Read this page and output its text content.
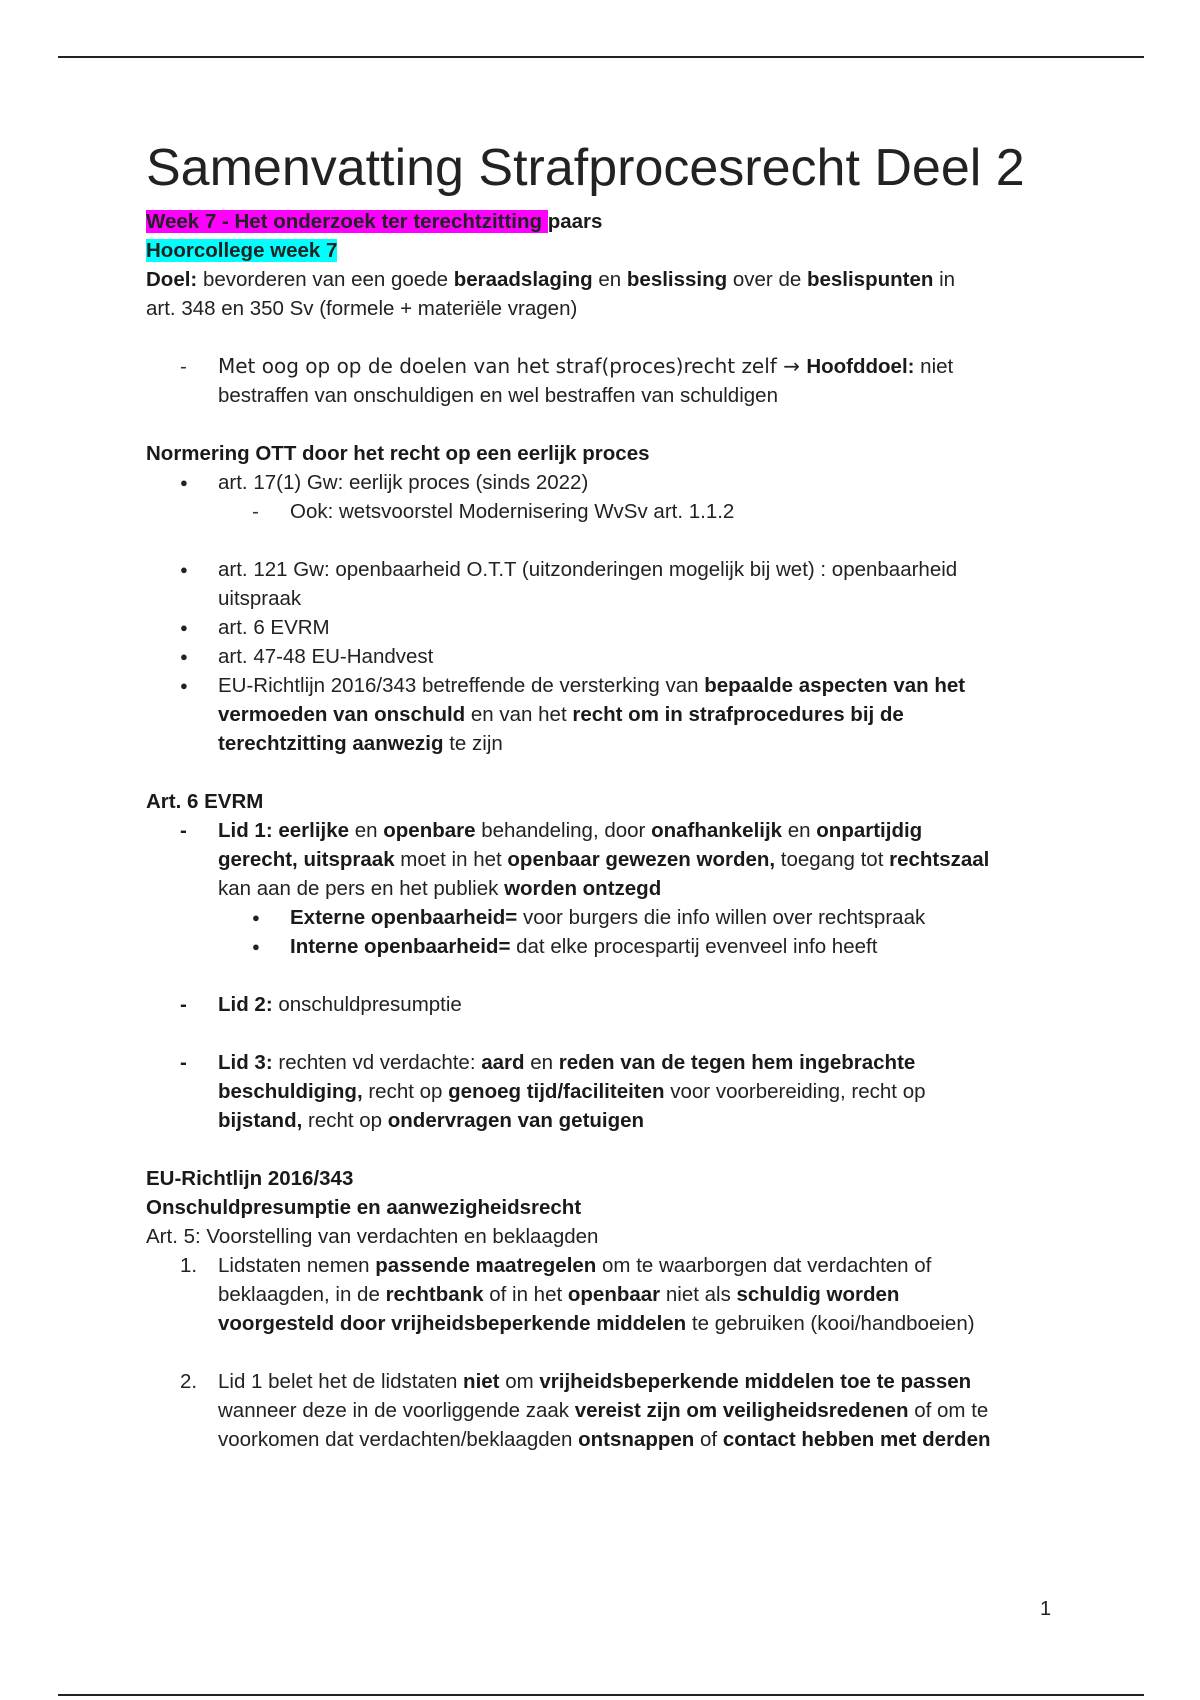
Samenvatting Strafprocesrecht Deel 2
Week 7 - Het onderzoek ter terechtzitting paars
Hoorcollege week 7
Doel: bevorderen van een goede beraadslaging en beslissing over de beslispunten in
art. 348 en 350 Sv (formele + materiële vragen)
-	Met oog op op de doelen van het straf(proces)recht zelf → Hoofddoel: niet
bestraffen van onschuldigen en wel bestraffen van schuldigen
Normering OTT door het recht op een eerlijk proces
●
art. 17(1) Gw: eerlijk proces (sinds 2022)
-	Ook: wetsvoorstel Modernisering WvSv art. 1.1.2
●
art. 121 Gw: openbaarheid O.T.T (uitzonderingen mogelijk bij wet) : openbaarheid
uitspraak
●
art. 6 EVRM
●
art. 47-48 EU-Handvest
●
EU-Richtlijn 2016/343 betreffende de versterking van bepaalde aspecten van het
vermoeden van onschuld en van het recht om in strafprocedures bij de
terechtzitting aanwezig te zijn
Art. 6 EVRM
-	Lid 1: eerlijke en openbare behandeling, door onafhankelijk en onpartijdig
gerecht, uitspraak moet in het openbaar gewezen worden, toegang tot rechtszaal
kan aan de pers en het publiek worden ontzegd
●
Externe openbaarheid= voor burgers die info willen over rechtspraak
●
Interne openbaarheid= dat elke procespartij evenveel info heeft
-	Lid 2: onschuldpresumptie
-	Lid 3: rechten vd verdachte: aard en reden van de tegen hem ingebrachte
beschuldiging, recht op genoeg tijd/faciliteiten voor voorbereiding, recht op
bijstand, recht op ondervragen van getuigen
EU-Richtlijn 2016/343
Onschuldpresumptie en aanwezigheidsrecht
Art. 5: Voorstelling van verdachten en beklaagden
1.	Lidstaten nemen passende maatregelen om te waarborgen dat verdachten of
beklaagden, in de rechtbank of in het openbaar niet als schuldig worden
voorgesteld door vrijheidsbeperkende middelen te gebruiken (kooi/handboeien)
2.	Lid 1 belet het de lidstaten niet om vrijheidsbeperkende middelen toe te passen
wanneer deze in de voorliggende zaak vereist zijn om veiligheidsredenen of om te
voorkomen dat verdachten/beklaagden ontsnappen of contact hebben met derden
1
